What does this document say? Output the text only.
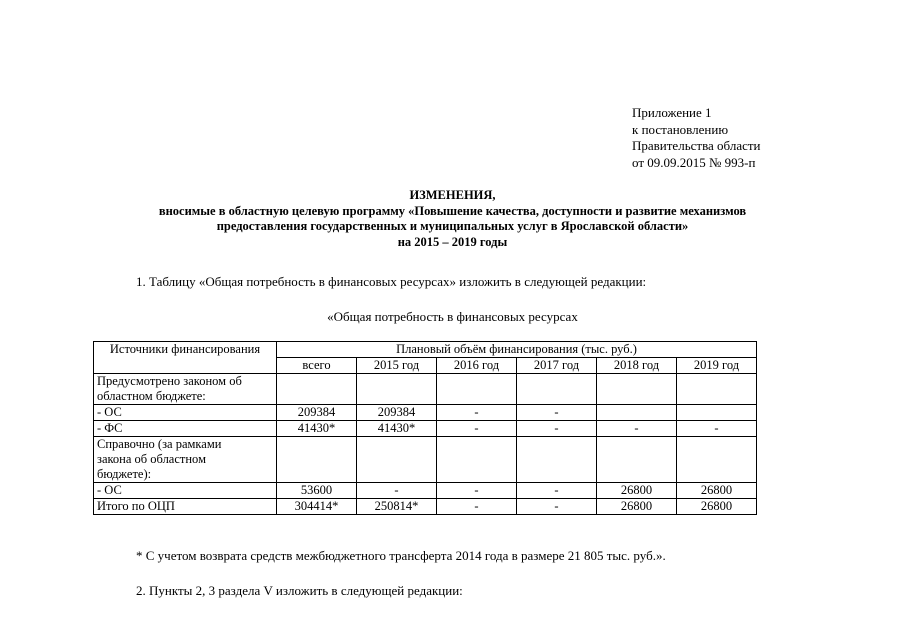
Приложение 1
к постановлению
Правительства области
от 09.09.2015 № 993-п
ИЗМЕНЕНИЯ,
вносимые в областную целевую программу «Повышение качества, доступности и развитие механизмов
предоставления государственных и муниципальных услуг в Ярославской области»
на 2015 – 2019 годы
1. Таблицу «Общая потребность в финансовых ресурсах» изложить в следующей редакции:
«Общая потребность в финансовых ресурсах
Источники финансирования	Плановый объём финансирования (тыс. руб.)					
	всего	2015 год	2016 год	2017 год	2018 год	2019 год

Предусмотрено законом об
областном бюджете:						

- ОС	209384	209384	-	-		

- ФС	41430*	41430*	-	-	-	-

Справочно (за рамками
закона об областном
бюджете):						

- ОС	53600	-	-	-	26800	26800

Итого по ОЦП	304414*	250814*	-	-	26800	26800
* С учетом возврата средств межбюджетного трансферта 2014 года в размере 21 805 тыс. руб.».
2. Пункты 2, 3 раздела V изложить в следующей редакции:
